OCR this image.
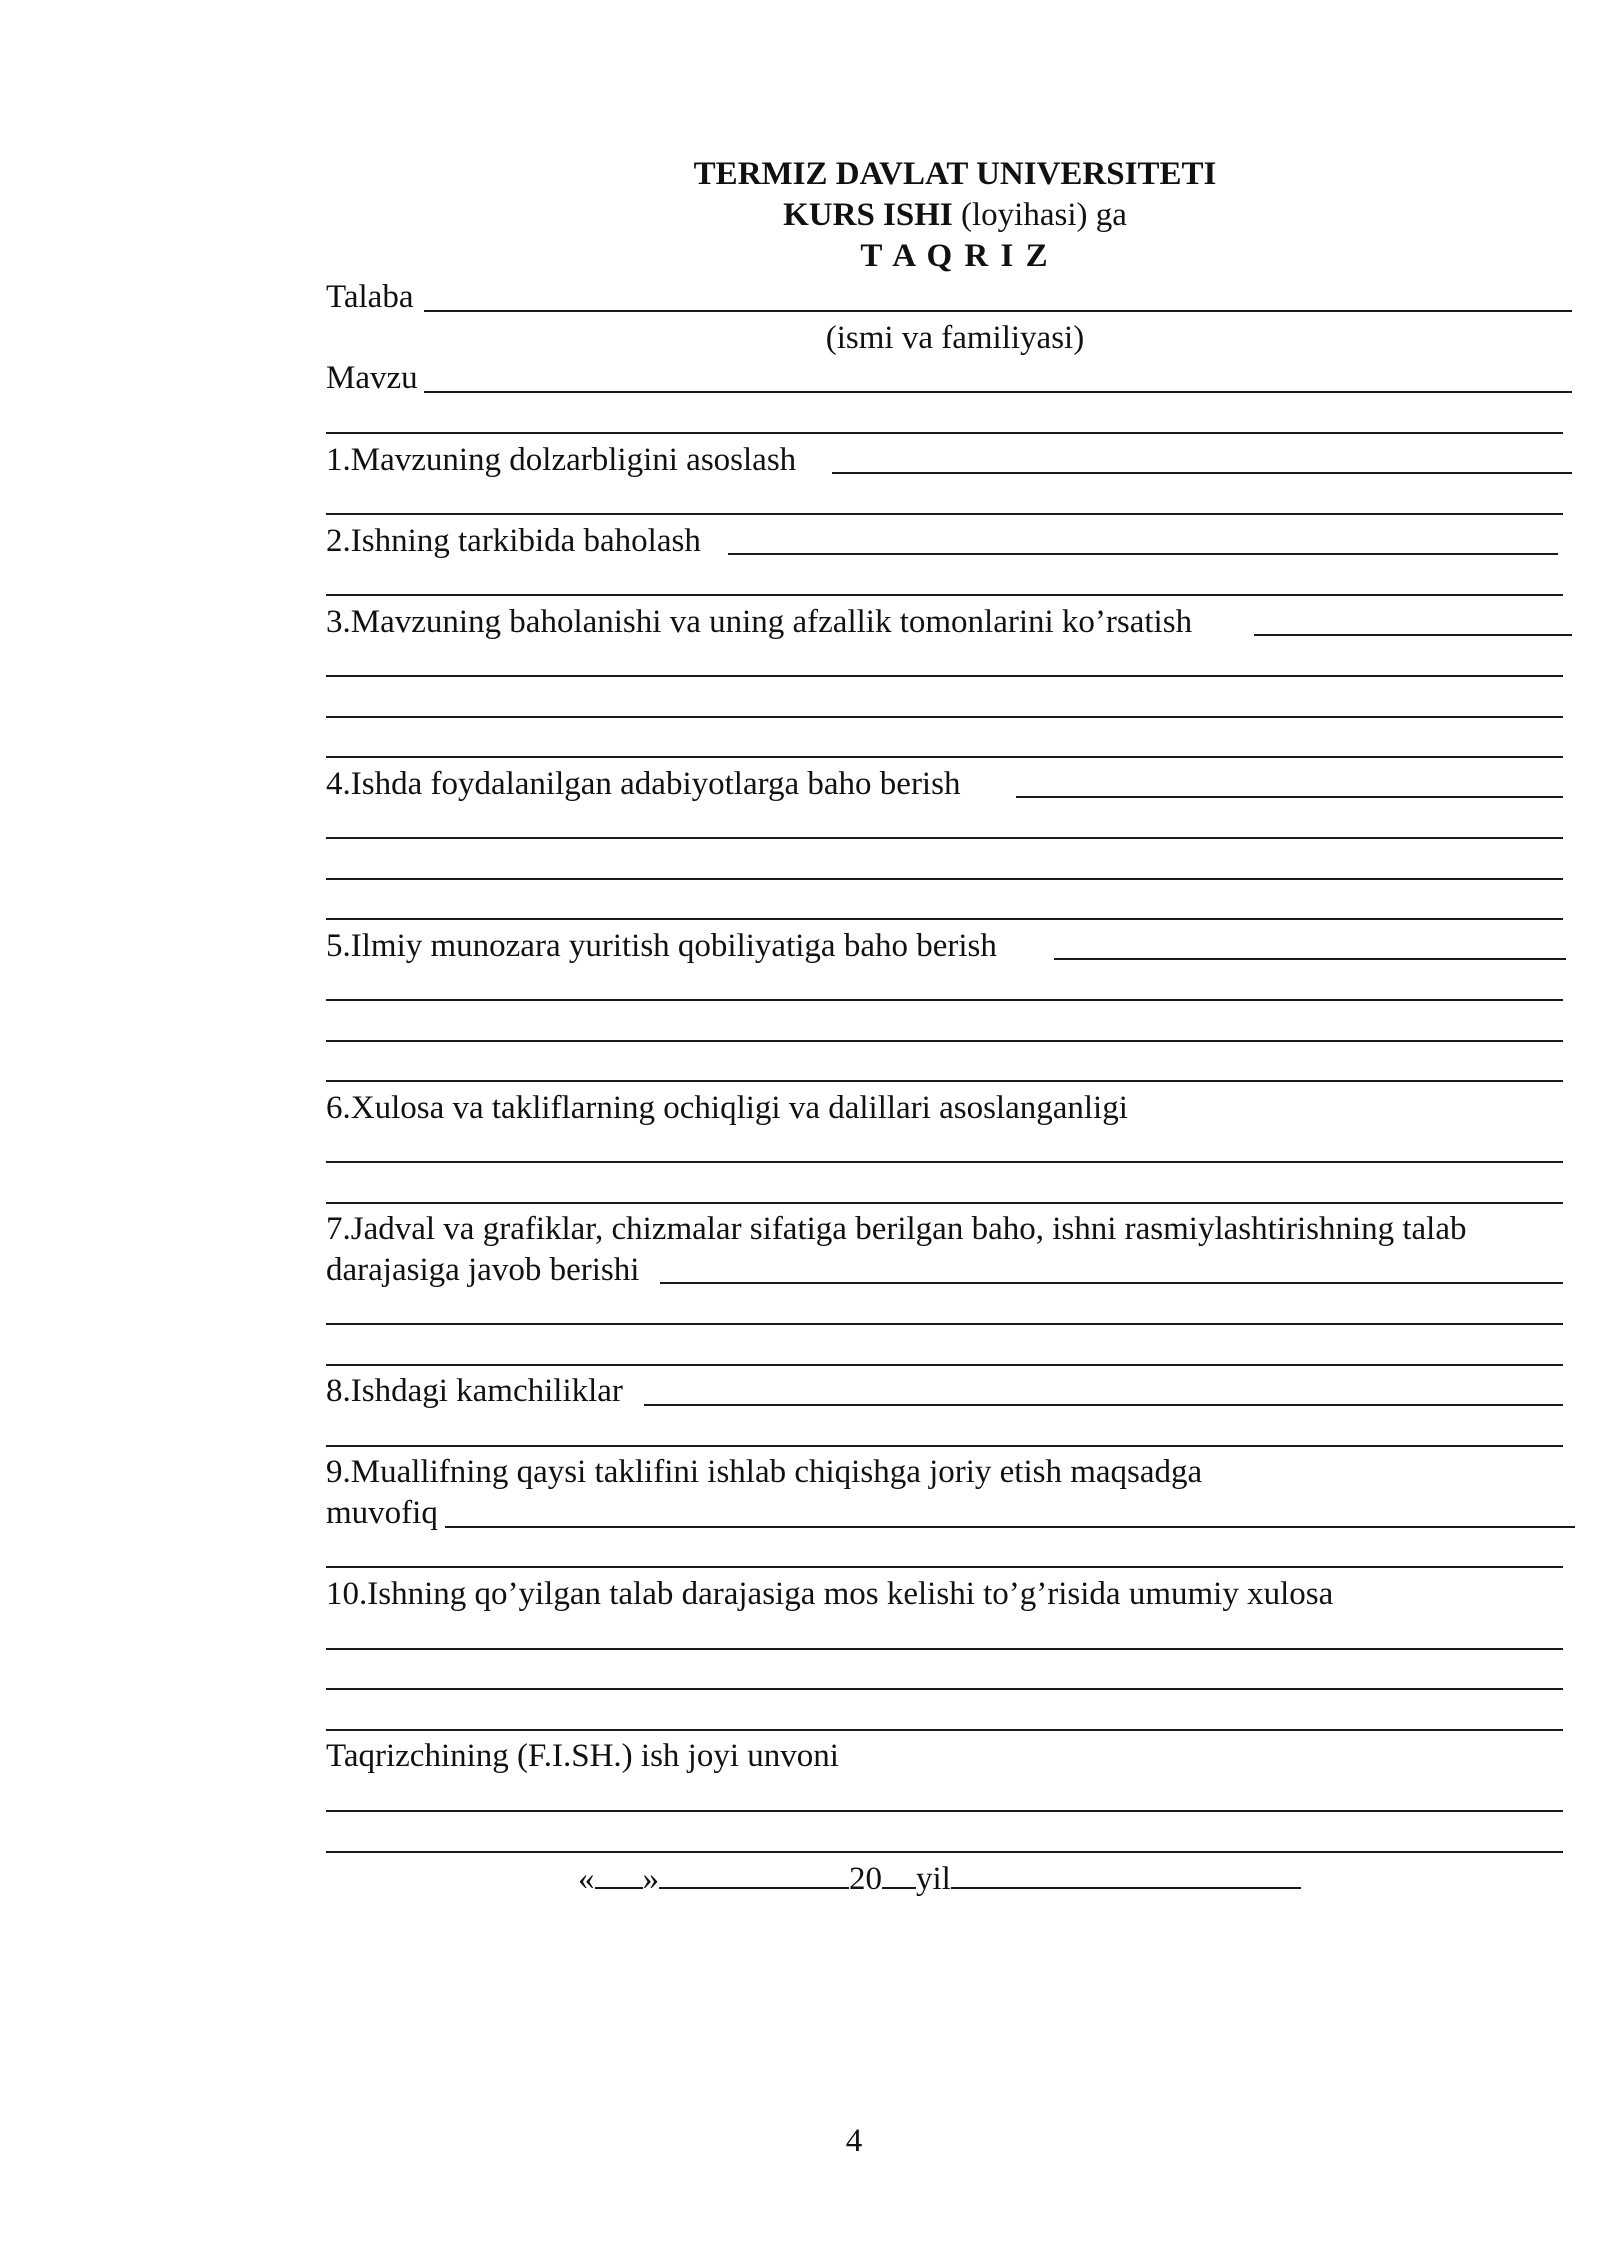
TERMIZ DAVLAT UNIVERSITETI
KURS ISHI (loyihasi) ga
T A Q R I Z
Talaba
(ismi va familiyasi)
Mavzu
1.Mavzuning dolzarbligini asoslash
2.Ishning tarkibida baholash
3.Mavzuning baholanishi va uning afzallik tomonlarini ko’rsatish
4.Ishda foydalanilgan adabiyotlarga baho berish
5.Ilmiy munozara yuritish qobiliyatiga baho berish
6.Xulosa va takliflarning ochiqligi va dalillari asoslanganligi
7.Jadval va grafiklar, chizmalar sifatiga berilgan baho, ishni rasmiylashtirishning talab
darajasiga javob berishi
8.Ishdagi kamchiliklar
9.Muallifning qaysi taklifini ishlab chiqishga joriy etish maqsadga
muvofiq
10.Ishning qo’yilgan talab darajasiga mos kelishi to’g’risida umumiy xulosa
Taqrizchining (F.I.SH.) ish joyi unvoni
« »	20 yil
4
